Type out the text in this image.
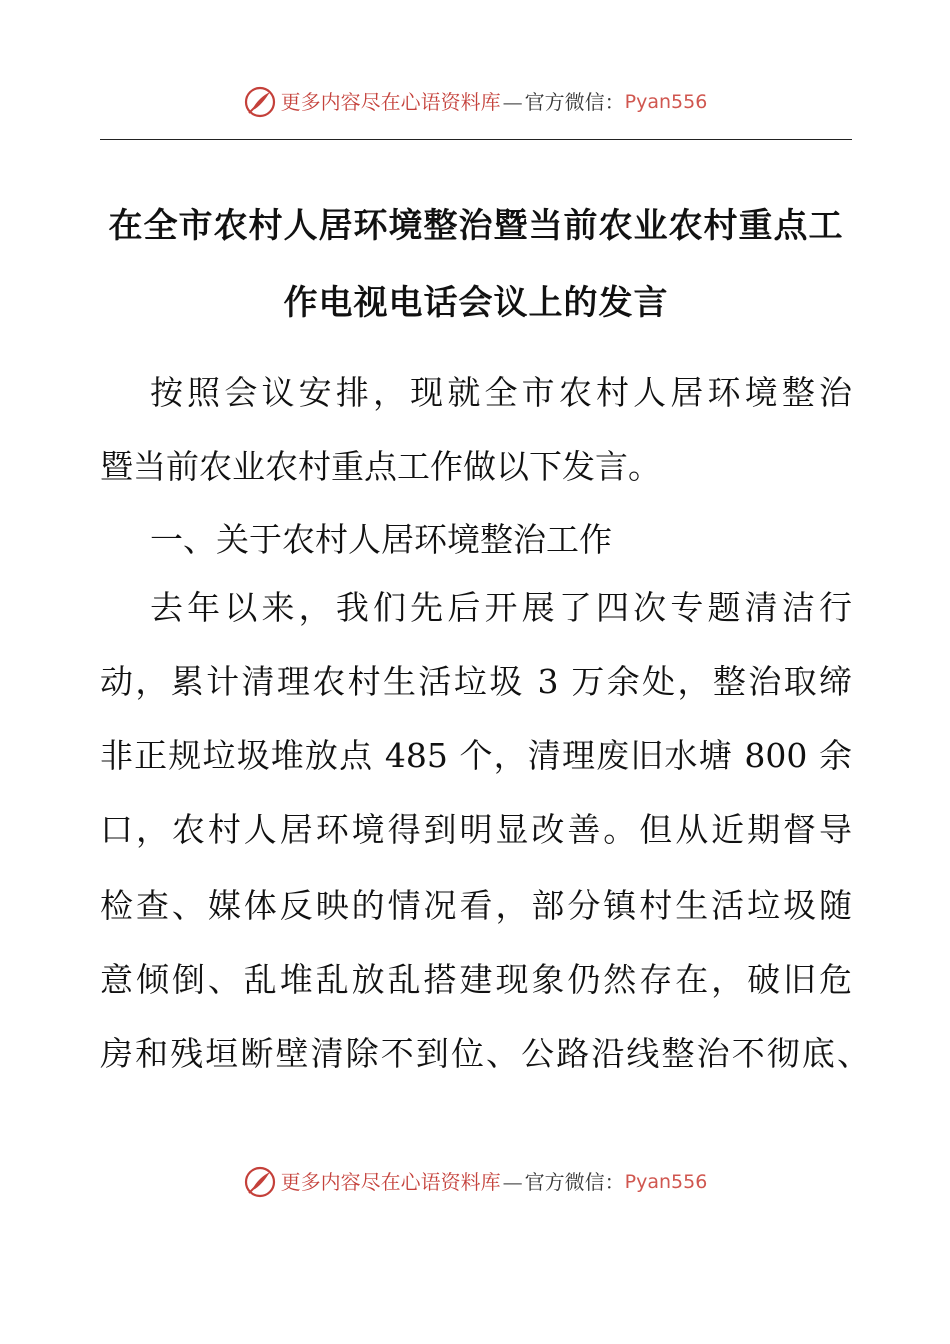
更多内容尽在心语资料库 — 官方微信： Pyan556
在全市农村人居环境整治暨当前农业农村重点工
作电视电话会议上的发言

按照会议安排，现就全市农村人居环境整治

暨当前农业农村重点工作做以下发言。

一、关于农村人居环境整治工作

去年以来，我们先后开展了四次专题清洁行

动，累计清理农村生活垃圾 3 万余处，整治取缔

非正规垃圾堆放点 485 个，清理废旧水塘 800 余

口，农村人居环境得到明显改善。但从近期督导

检查、媒体反映的情况看，部分镇村生活垃圾随

意倾倒、乱堆乱放乱搭建现象仍然存在，破旧危

房和残垣断壁清除不到位、公路沿线整治不彻底、

更多内容尽在心语资料库 — 官方微信： Pyan556
